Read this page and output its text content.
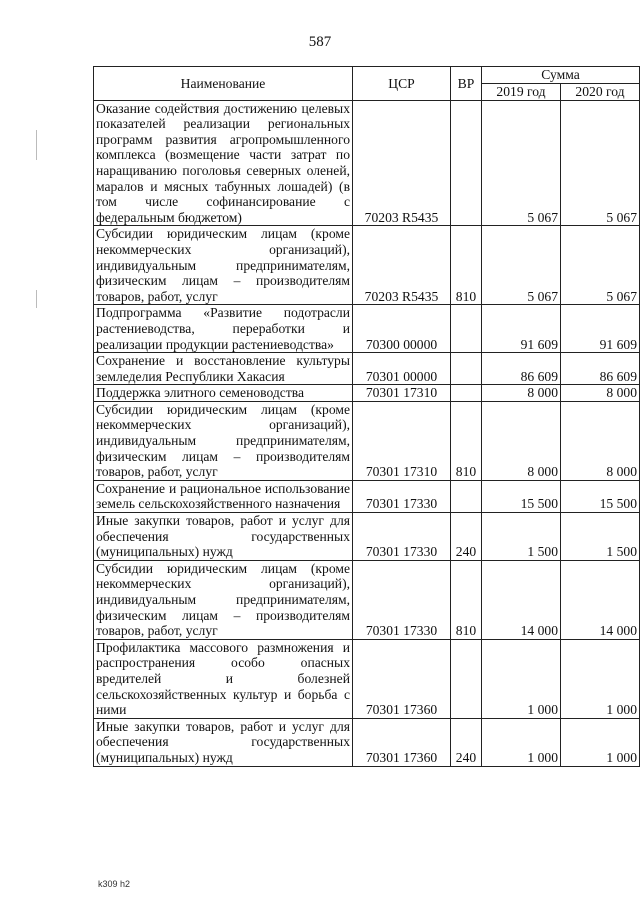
587
Наименование	ЦСР	ВР	Сумма	
			2019 год	2020 год
Оказание содействия достижению целевых показателей реализации региональных программ развития агропромышленного комплекса (возмещение части затрат по наращиванию поголовья северных оленей, маралов и мясных табунных лошадей) (в том числе софинансирование с федеральным бюджетом)	70203 R5435		5 067	5 067
Субсидии юридическим лицам (кроме некоммерческих организаций), индивидуальным предпринимателям, физическим лицам – производителям товаров, работ, услуг	70203 R5435	810	5 067	5 067
Подпрограмма «Развитие подотрасли растениеводства, переработки и реализации продукции растениеводства»	70300 00000		91 609	91 609
Сохранение и восстановление культуры земледелия Республики Хакасия	70301 00000		86 609	86 609
Поддержка элитного семеноводства	70301 17310		8 000	8 000
Субсидии юридическим лицам (кроме некоммерческих организаций), индивидуальным предпринимателям, физическим лицам – производителям товаров, работ, услуг	70301 17310	810	8 000	8 000
Сохранение и рациональное использование земель сельскохозяйственного назначения	70301 17330		15 500	15 500
Иные закупки товаров, работ и услуг для обеспечения государственных (муниципальных) нужд	70301 17330	240	1 500	1 500
Субсидии юридическим лицам (кроме некоммерческих организаций), индивидуальным предпринимателям, физическим лицам – производителям товаров, работ, услуг	70301 17330	810	14 000	14 000
Профилактика массового размножения и распространения особо опасных вредителей и болезней сельскохозяйственных культур и борьба с ними	70301 17360		1 000	1 000
Иные закупки товаров, работ и услуг для обеспечения государственных (муниципальных) нужд	70301 17360	240	1 000	1 000
k309 h2
